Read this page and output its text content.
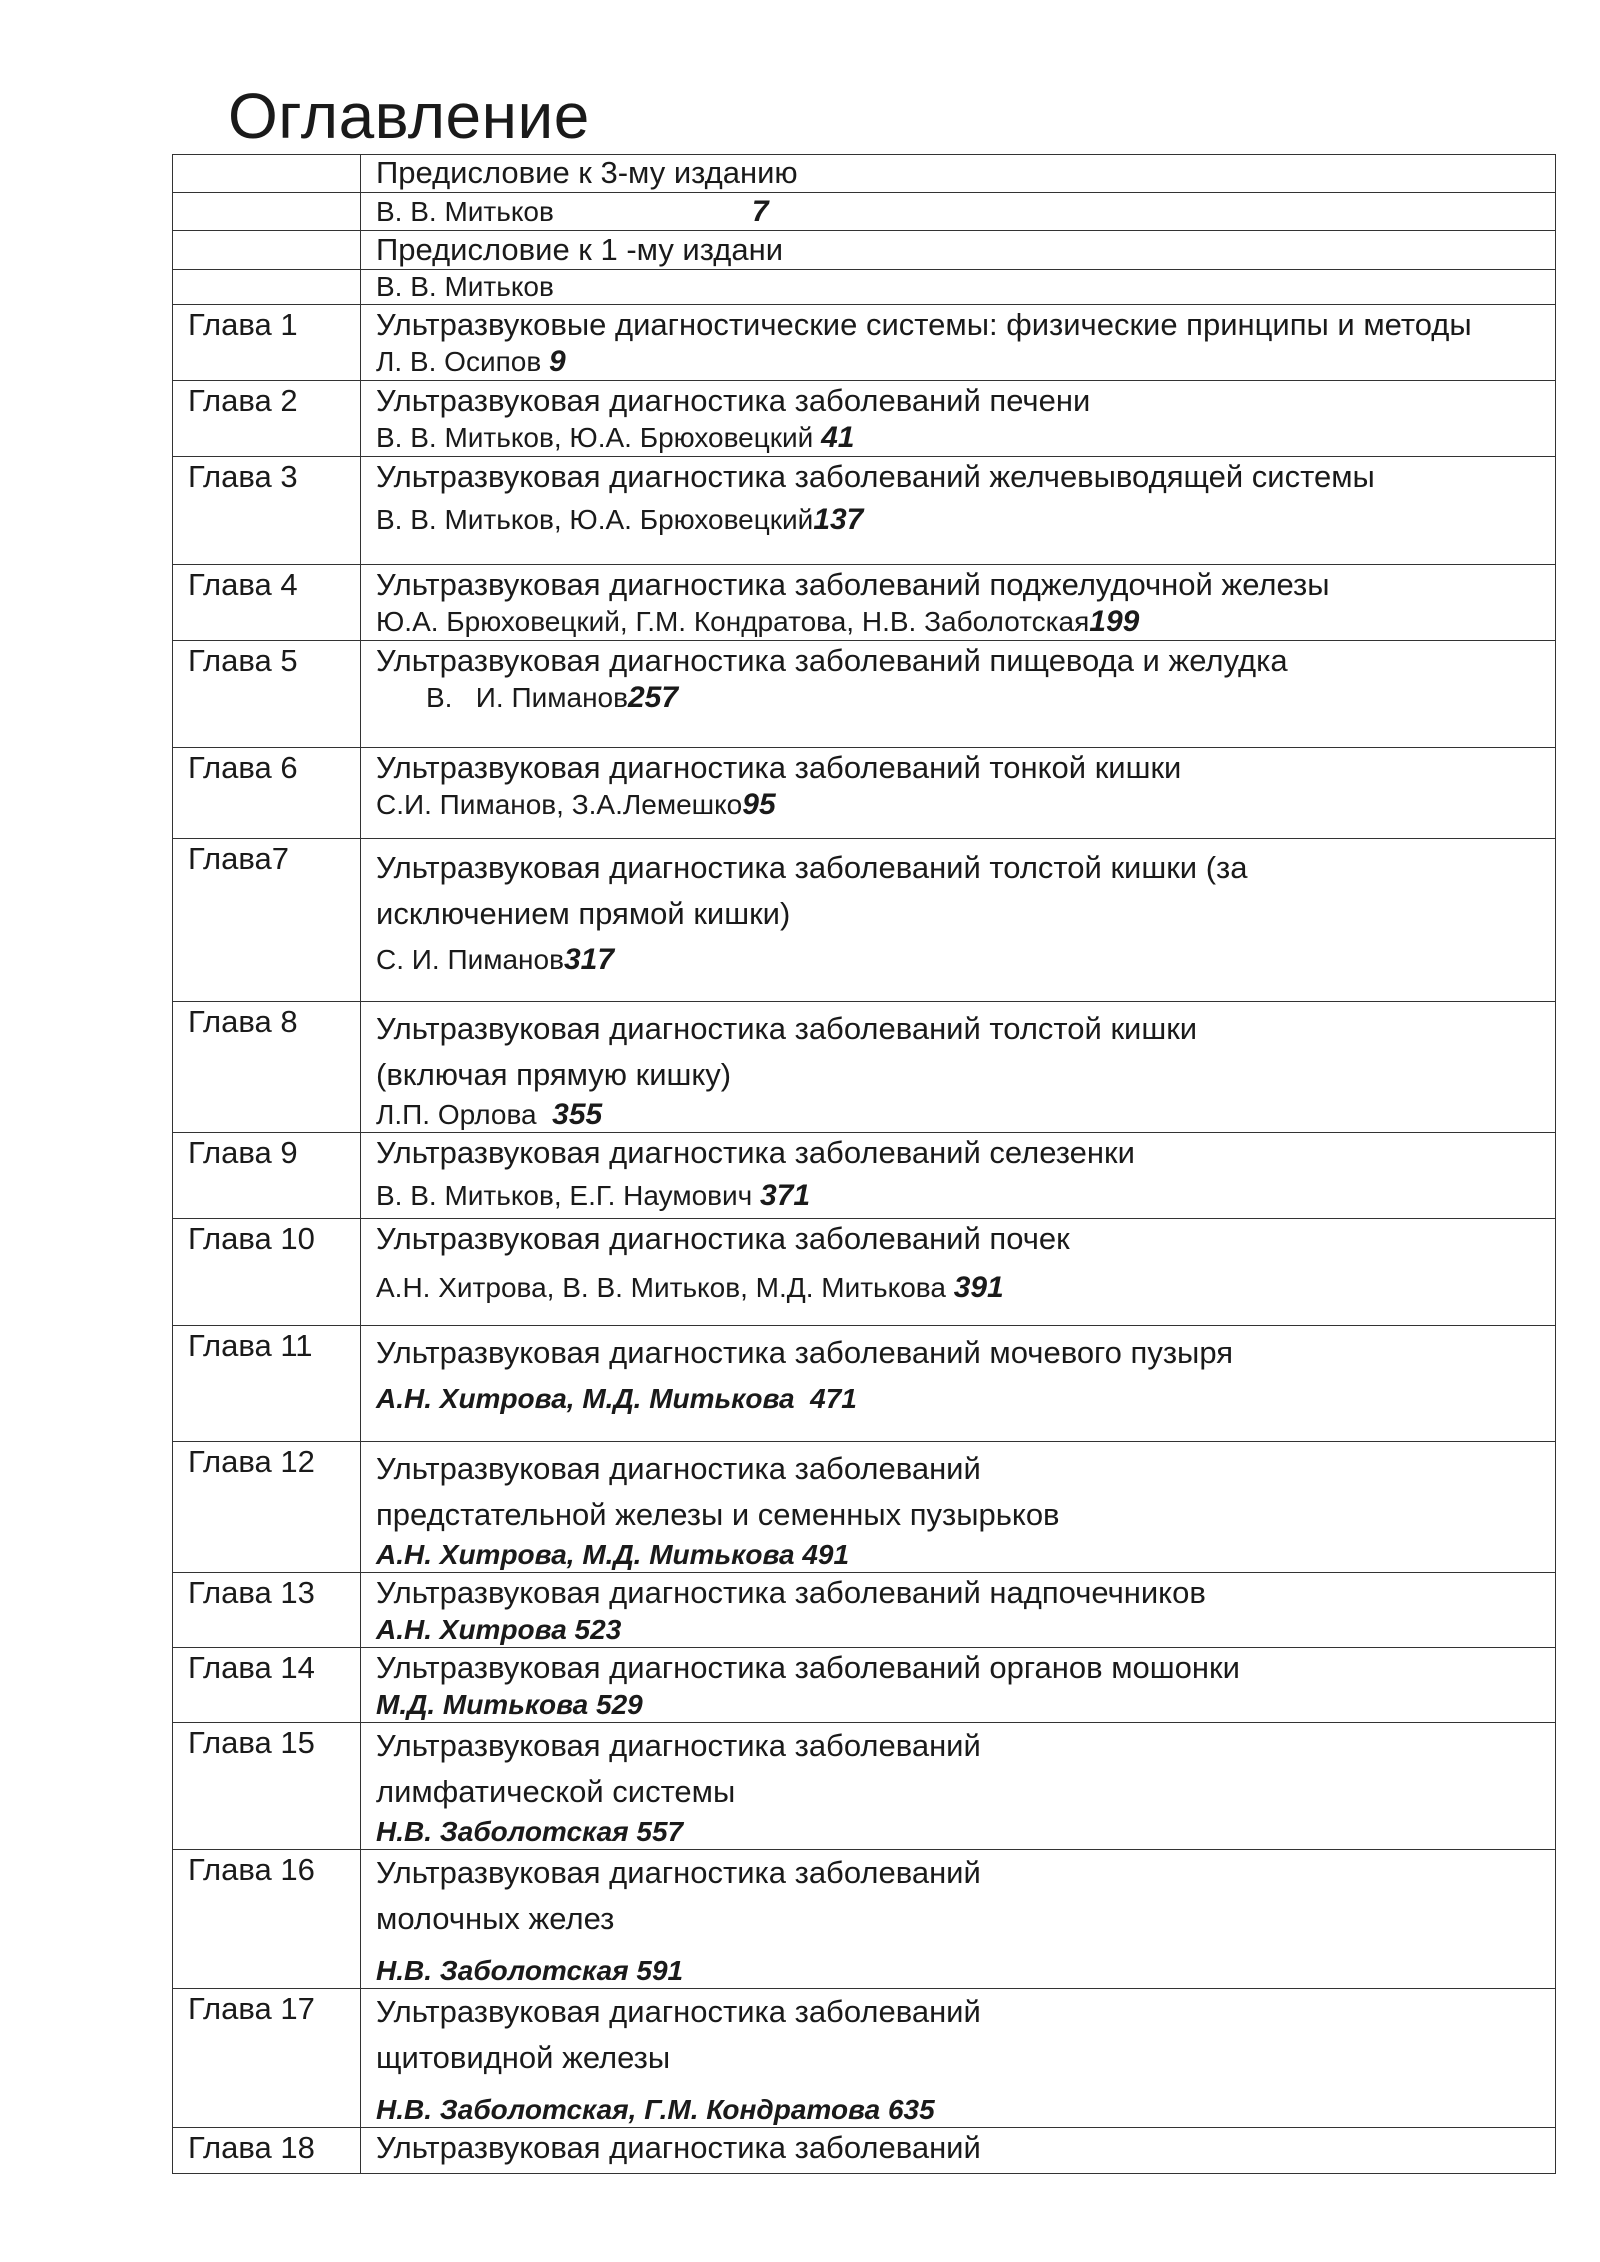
Оглавление

	Предисловие к 3-му изданию

	В. В. Митьков 7

	Предисловие к 1 -му издани

	В. В. Митьков

Глава 1	Ультразвуковые диагностические системы: физические принципы и методы
Л. В. Осипов 9

Глава 2	Ультразвуковая диагностика заболеваний печени
В. В. Митьков, Ю.А. Брюховецкий 41

Глава 3	Ультразвуковая диагностика заболеваний желчевыводящей системы
В. В. Митьков, Ю.А. Брюховецкий137

Глава 4	Ультразвуковая диагностика заболеваний поджелудочной железы
Ю.А. Брюховецкий, Г.М. Кондратова, Н.В. Заболотская199

Глава 5	Ультразвуковая диагностика заболеваний пищевода и желудка
В.   И. Пиманов257

Глава 6	Ультразвуковая диагностика заболеваний тонкой кишки
С.И. Пиманов, З.А.Лемешко95

Глава7	Ультразвуковая диагностика заболеваний толстой кишки (за
исключением прямой кишки)
С. И. Пиманов317

Глава 8	Ультразвуковая диагностика заболеваний толстой кишки
(включая прямую кишку)
Л.П. Орлова  355

Глава 9	Ультразвуковая диагностика заболеваний селезенки
В. В. Митьков, Е.Г. Наумович 371

Глава 10	Ультразвуковая диагностика заболеваний почек
А.Н. Хитрова, В. В. Митьков, М.Д. Митькова 391

Глава 11	Ультразвуковая диагностика заболеваний мочевого пузыря
А.Н. Хитрова, М.Д. Митькова  471

Глава 12	Ультразвуковая диагностика заболеваний
предстательной железы и семенных пузырьков
А.Н. Хитрова, М.Д. Митькова 491

Глава 13	Ультразвуковая диагностика заболеваний надпочечников
А.Н. Хитрова 523

Глава 14	Ультразвуковая диагностика заболеваний органов мошонки
М.Д. Митькова 529

Глава 15	Ультразвуковая диагностика заболеваний
лимфатической системы
Н.В. Заболотская 557

Глава 16	Ультразвуковая диагностика заболеваний
молочных желез
Н.В. Заболотская 591

Глава 17	Ультразвуковая диагностика заболеваний
щитовидной железы
Н.В. Заболотская, Г.М. Кондратова 635

Глава 18	Ультразвуковая диагностика заболеваний
